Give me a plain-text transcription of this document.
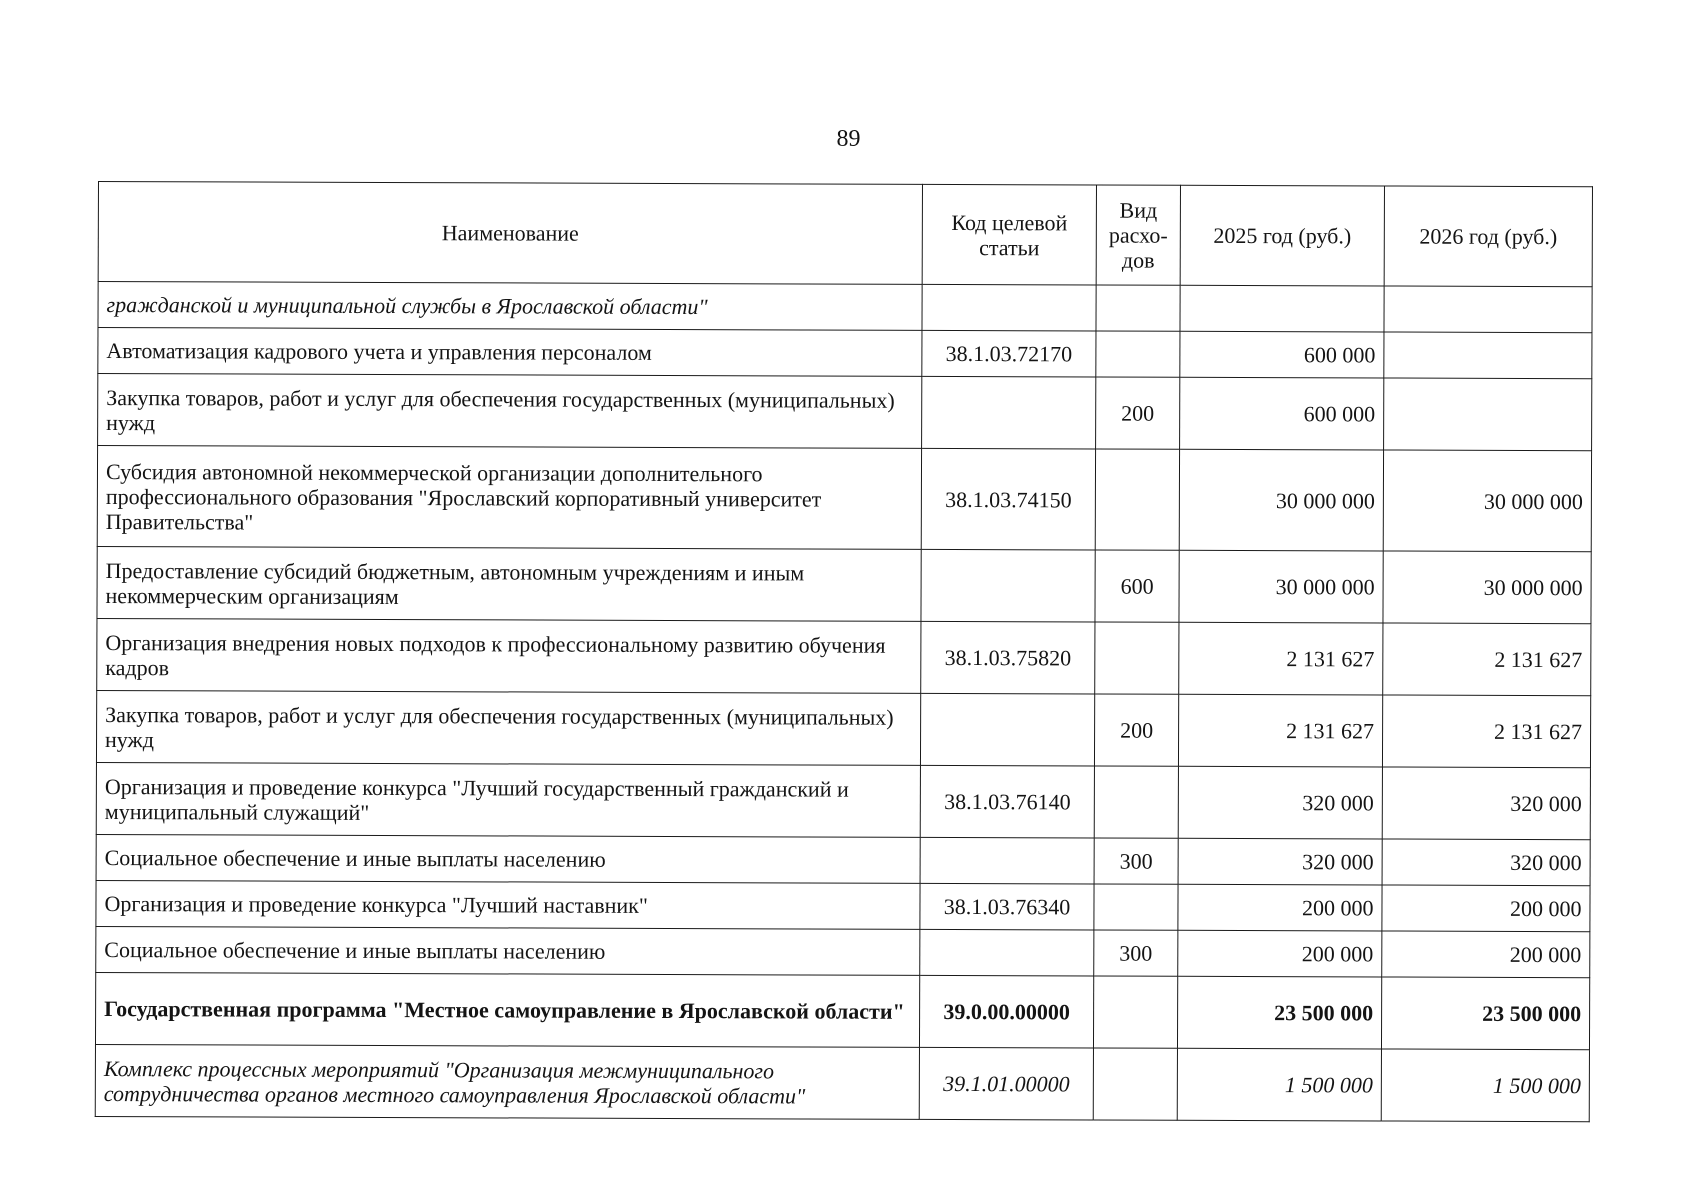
89
Наименование	Код целевой статьи	Вид расхо-дов	2025 год (руб.)	2026 год (руб.)
гражданской и муниципальной службы в Ярославской области"				
Автоматизация кадрового учета и управления персоналом	38.1.03.72170		600 000	
Закупка товаров, работ и услуг для обеспечения государственных (муниципальных) нужд		200	600 000	
Субсидия автономной некоммерческой организации дополнительного профессионального образования "Ярославский корпоративный университет Правительства"	38.1.03.74150		30 000 000	30 000 000
Предоставление субсидий бюджетным, автономным учреждениям и иным некоммерческим организациям		600	30 000 000	30 000 000
Организация внедрения новых подходов к профессиональному развитию обучения кадров	38.1.03.75820		2 131 627	2 131 627
Закупка товаров, работ и услуг для обеспечения государственных (муниципальных) нужд		200	2 131 627	2 131 627
Организация и проведение конкурса "Лучший государственный гражданский и муниципальный служащий"	38.1.03.76140		320 000	320 000
Социальное обеспечение и иные выплаты населению		300	320 000	320 000
Организация и проведение конкурса "Лучший наставник"	38.1.03.76340		200 000	200 000
Социальное обеспечение и иные выплаты населению		300	200 000	200 000
Государственная программа "Местное самоуправление в Ярославской области"	39.0.00.00000		23 500 000	23 500 000
Комплекс процессных мероприятий "Организация межмуниципального сотрудничества органов местного самоуправления Ярославской области"	39.1.01.00000		1 500 000	1 500 000
